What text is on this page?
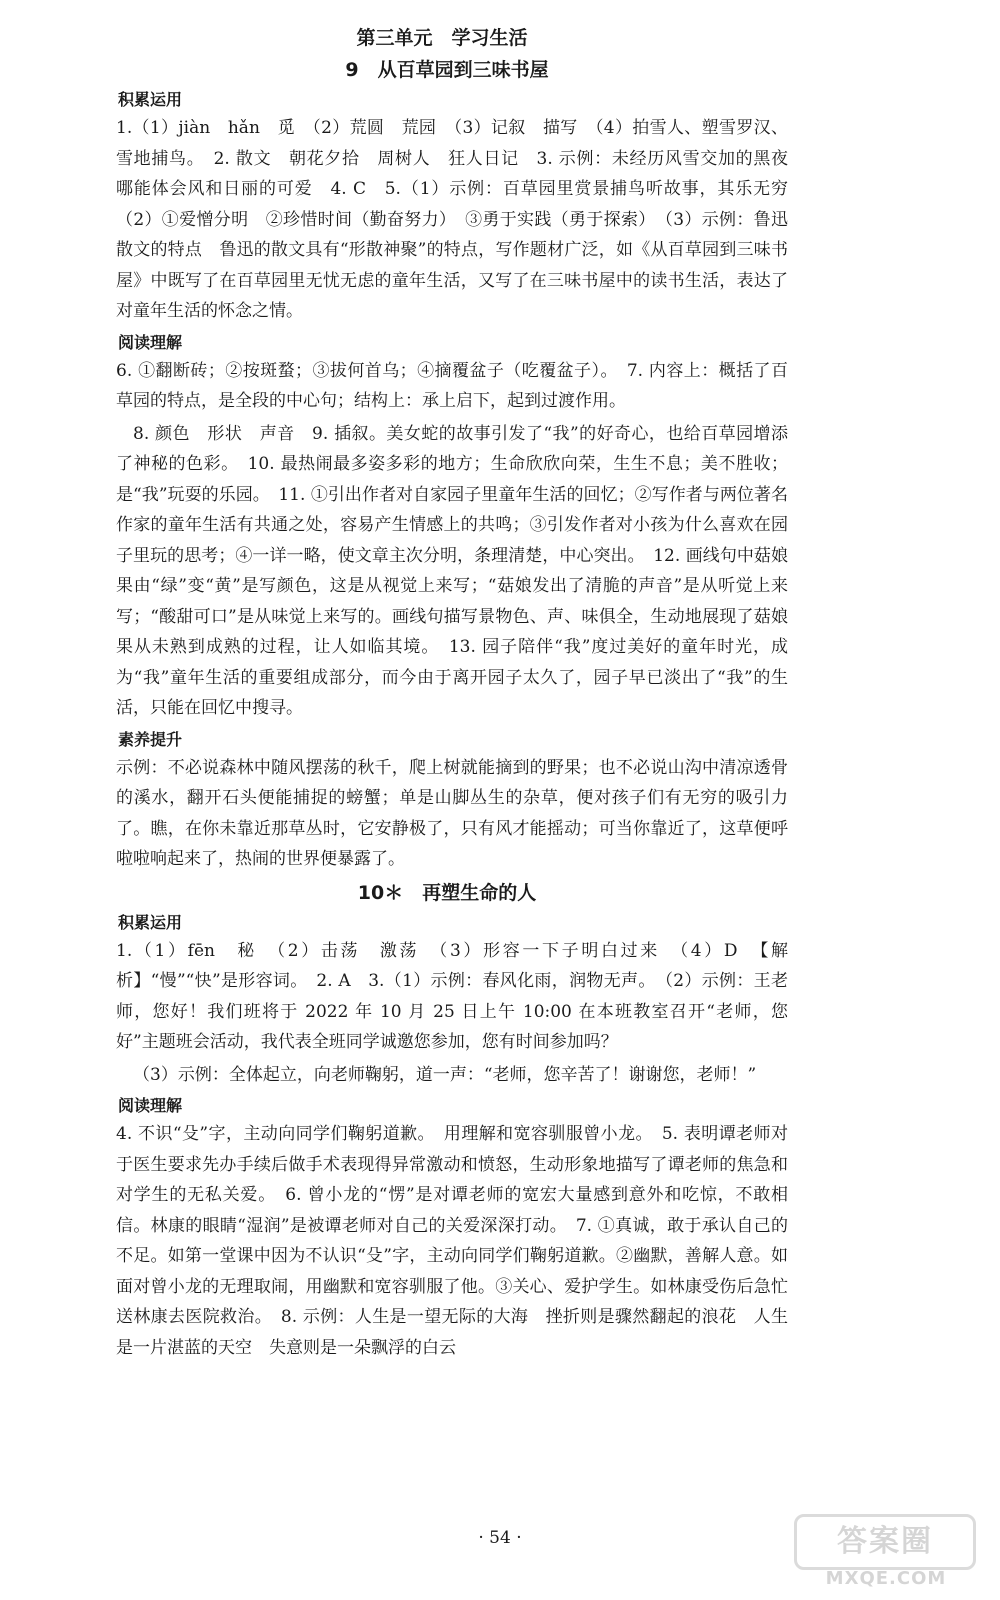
第三单元　学习生活
9　从百草园到三味书屋
积累运用

1.（1）jiàn　hǎn　觅　（2）荒圆　荒园　（3）记叙　描写　（4）拍雪人、塑雪罗汉、雪地捕鸟。　2. 散文　朝花夕拾　周树人　狂人日记　3. 示例：未经历风雪交加的黑夜　哪能体会风和日丽的可爱　4. C　5.（1）示例：百草园里赏景捕鸟听故事，其乐无穷　（2）①爱憎分明　②珍惜时间（勤奋努力）　③勇于实践（勇于探索）　（3）示例：鲁迅散文的特点　鲁迅的散文具有“形散神聚”的特点，写作题材广泛，如《从百草园到三味书屋》中既写了在百草园里无忧无虑的童年生活，又写了在三味书屋中的读书生活，表达了对童年生活的怀念之情。

阅读理解

6. ①翻断砖；②按斑蝥；③拔何首乌；④摘覆盆子（吃覆盆子）。　7. 内容上：概括了百草园的特点，是全段的中心句；结构上：承上启下，起到过渡作用。

8. 颜色　形状　声音　9. 插叙。美女蛇的故事引发了“我”的好奇心，也给百草园增添了神秘的色彩。　10. 最热闹最多姿多彩的地方；生命欣欣向荣，生生不息；美不胜收；是“我”玩耍的乐园。　11. ①引出作者对自家园子里童年生活的回忆；②写作者与两位著名作家的童年生活有共通之处，容易产生情感上的共鸣；③引发作者对小孩为什么喜欢在园子里玩的思考；④一详一略，使文章主次分明，条理清楚，中心突出。　12. 画线句中菇娘果由“绿”变“黄”是写颜色，这是从视觉上来写；“菇娘发出了清脆的声音”是从听觉上来写；“酸甜可口”是从味觉上来写的。画线句描写景物色、声、味俱全，生动地展现了菇娘果从未熟到成熟的过程，让人如临其境。　13. 园子陪伴“我”度过美好的童年时光，成为“我”童年生活的重要组成部分，而今由于离开园子太久了，园子早已淡出了“我”的生活，只能在回忆中搜寻。

素养提升

示例：不必说森林中随风摆荡的秋千，爬上树就能摘到的野果；也不必说山沟中清凉透骨的溪水，翻开石头便能捕捉的螃蟹；单是山脚丛生的杂草，便对孩子们有无穷的吸引力了。瞧，在你未靠近那草丛时，它安静极了，只有风才能摇动；可当你靠近了，这草便呼啦啦响起来了，热闹的世界便暴露了。

10＊　再塑生命的人
积累运用

1.（1）fēn　秘　（2）击荡　激荡　（3）形容一下子明白过来　（4）D　【解析】“慢”“快”是形容词。　2. A　3.（1）示例：春风化雨，润物无声。　（2）示例：王老师，您好！我们班将于 2022 年 10 月 25 日上午 10:00 在本班教室召开“老师，您好”主题班会活动，我代表全班同学诚邀您参加，您有时间参加吗？

（3）示例：全体起立，向老师鞠躬，道一声：“老师，您辛苦了！谢谢您，老师！”

阅读理解

4. 不识“殳”字，主动向同学们鞠躬道歉。　用理解和宽容驯服曾小龙。　5. 表明谭老师对于医生要求先办手续后做手术表现得异常激动和愤怒，生动形象地描写了谭老师的焦急和对学生的无私关爱。　6. 曾小龙的“愣”是对谭老师的宽宏大量感到意外和吃惊，不敢相信。林康的眼睛“湿润”是被谭老师对自己的关爱深深打动。　7. ①真诚，敢于承认自己的不足。如第一堂课中因为不认识“殳”字，主动向同学们鞠躬道歉。②幽默，善解人意。如面对曾小龙的无理取闹，用幽默和宽容驯服了他。③关心、爱护学生。如林康受伤后急忙送林康去医院救治。　8. 示例：人生是一望无际的大海　挫折则是骤然翻起的浪花　人生是一片湛蓝的天空　失意则是一朵飘浮的白云

· 54 ·	答案圈
MXQE.COM
